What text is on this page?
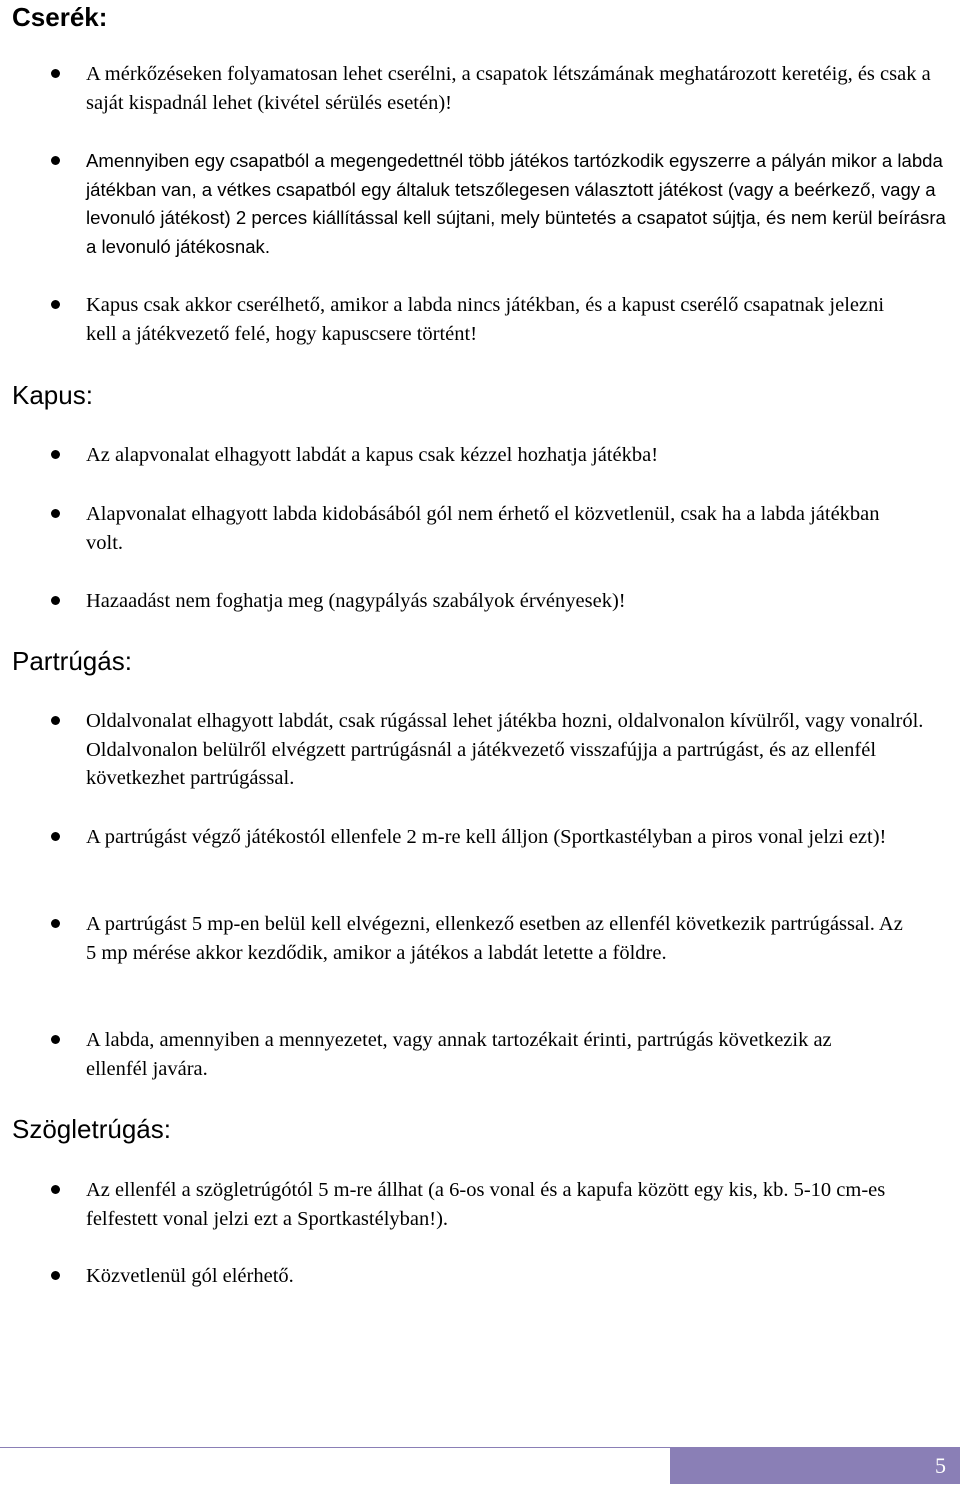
Cserék:

A mérkőzéseken folyamatosan lehet cserélni, a csapatok létszámának meghatározott keretéig, és csak a saját kispadnál lehet (kivétel sérülés esetén)!

Amennyiben egy csapatból a megengedettnél több játékos tartózkodik egyszerre a pályán mikor a labda játékban van, a vétkes csapatból egy általuk tetszőlegesen választott játékost (vagy a beérkező, vagy a levonuló játékost) 2 perces kiállítással kell sújtani, mely büntetés a csapatot sújtja, és nem kerül beírásra a levonuló játékosnak.

Kapus csak akkor cserélhető, amikor a labda nincs játékban, és a kapust cserélő csapatnak jelezni kell a játékvezető felé, hogy kapuscsere történt!

Kapus:

Az alapvonalat elhagyott labdát a kapus csak kézzel hozhatja játékba!

Alapvonalat elhagyott labda kidobásából gól nem érhető el közvetlenül, csak ha a labda játékban volt.

Hazaadást nem foghatja meg (nagypályás szabályok érvényesek)!

Partrúgás:

Oldalvonalat elhagyott labdát, csak rúgással lehet játékba hozni, oldalvonalon kívülről, vagy vonalról. Oldalvonalon belülről elvégzett partrúgásnál a játékvezető visszafújja a partrúgást, és az ellenfél következhet partrúgással.

A partrúgást végző játékostól ellenfele 2 m-re kell álljon (Sportkastélyban a piros vonal jelzi ezt)!

A partrúgást 5 mp-en belül kell elvégezni, ellenkező esetben az ellenfél következik partrúgással. Az 5 mp mérése akkor kezdődik, amikor a játékos a labdát letette a földre.

A labda, amennyiben a mennyezetet, vagy annak tartozékait érinti, partrúgás következik az ellenfél javára.

Szögletrúgás:

Az ellenfél a szögletrúgótól 5 m-re állhat (a 6-os vonal és a kapufa között egy kis, kb. 5-10 cm-es felfestett vonal jelzi ezt a Sportkastélyban!).

Közvetlenül gól elérhető.

5
